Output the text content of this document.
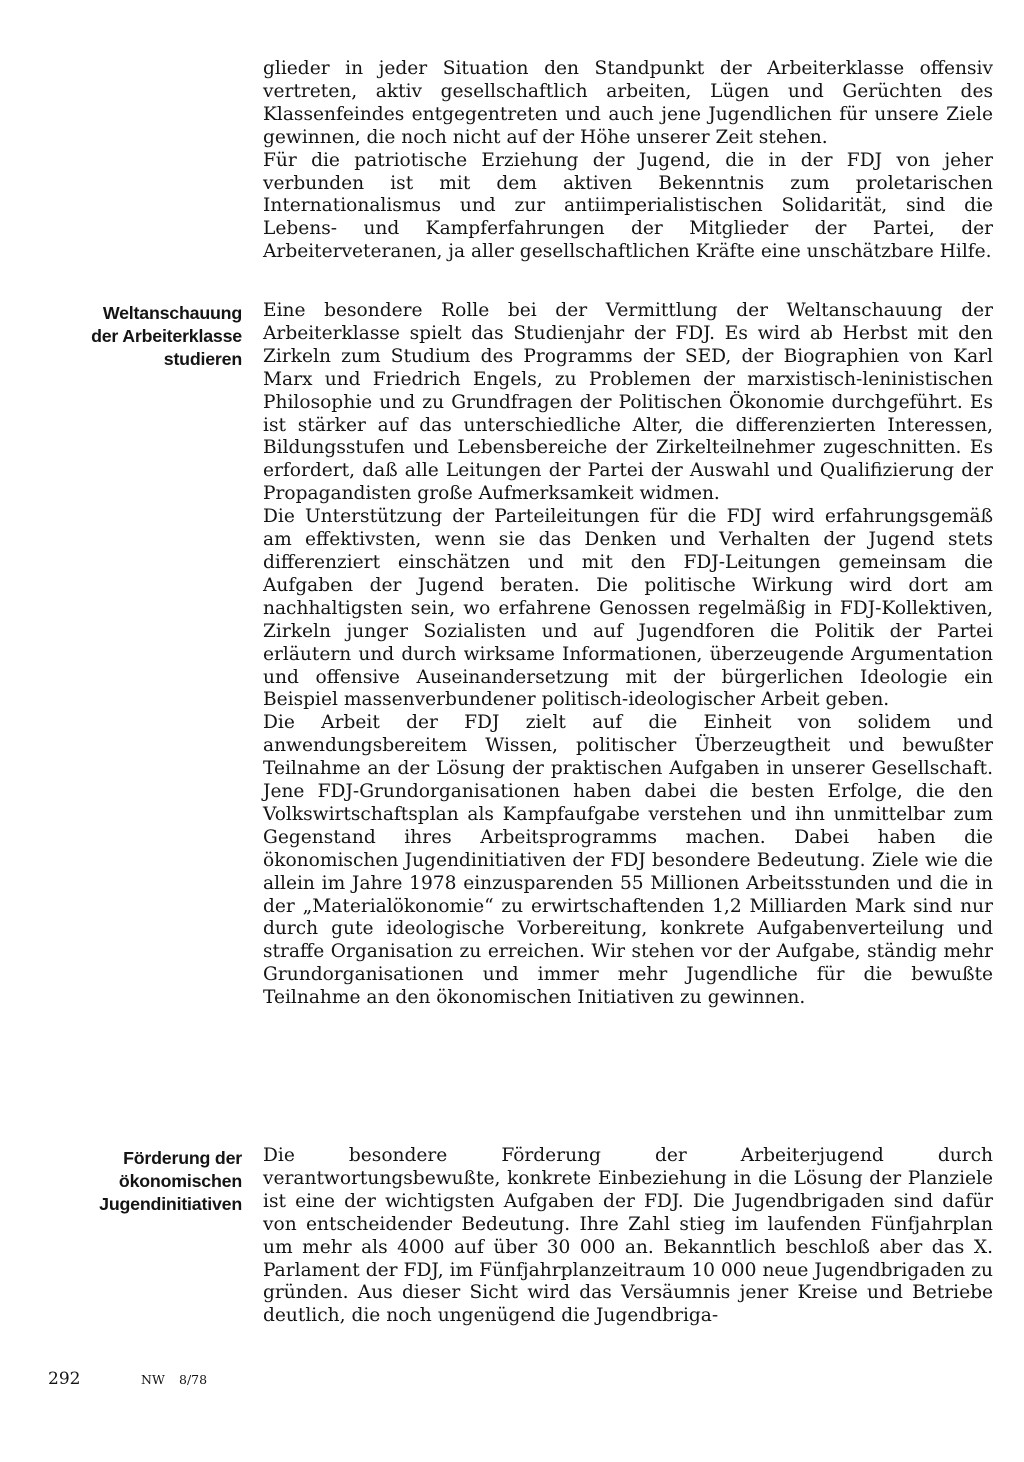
glieder in jeder Situation den Standpunkt der Arbeiterklasse offensiv vertreten, aktiv gesellschaftlich arbeiten, Lügen und Gerüchten des Klassenfeindes entgegentreten und auch jene Jugendlichen für unsere Ziele gewinnen, die noch nicht auf der Höhe unserer Zeit stehen.

Für die patriotische Erziehung der Jugend, die in der FDJ von jeher verbunden ist mit dem aktiven Bekenntnis zum proletarischen Internationalismus und zur antiimperialistischen Solidarität, sind die Lebens- und Kampferfahrungen der Mitglieder der Partei, der Arbeiterveteranen, ja aller gesellschaftlichen Kräfte eine unschätzbare Hilfe.

Weltanschauung
der Arbeiterklasse
studieren

Eine besondere Rolle bei der Vermittlung der Weltanschauung der Arbeiterklasse spielt das Studienjahr der FDJ. Es wird ab Herbst mit den Zirkeln zum Studium des Programms der SED, der Biographien von Karl Marx und Friedrich Engels, zu Problemen der marxistisch-leninistischen Philosophie und zu Grundfragen der Politischen Ökonomie durchgeführt. Es ist stärker auf das unterschiedliche Alter, die differenzierten Interessen, Bildungsstufen und Lebensbereiche der Zirkelteilnehmer zugeschnitten. Es erfordert, daß alle Leitungen der Partei der Auswahl und Qualifizierung der Propagandisten große Aufmerksamkeit widmen.

Die Unterstützung der Parteileitungen für die FDJ wird erfahrungsgemäß am effektivsten, wenn sie das Denken und Verhalten der Jugend stets differenziert einschätzen und mit den FDJ-Leitungen gemeinsam die Aufgaben der Jugend beraten. Die politische Wirkung wird dort am nachhaltigsten sein, wo erfahrene Genossen regelmäßig in FDJ-Kollektiven, Zirkeln junger Sozialisten und auf Jugendforen die Politik der Partei erläutern und durch wirksame Informationen, überzeugende Argumentation und offensive Auseinandersetzung mit der bürgerlichen Ideologie ein Beispiel massenverbundener politisch-ideologischer Arbeit geben.

Die Arbeit der FDJ zielt auf die Einheit von solidem und anwendungsbereitem Wissen, politischer Überzeugtheit und bewußter Teilnahme an der Lösung der praktischen Aufgaben in unserer Gesellschaft. Jene FDJ-Grundorganisationen haben dabei die besten Erfolge, die den Volkswirtschaftsplan als Kampfaufgabe verstehen und ihn unmittelbar zum Gegenstand ihres Arbeitsprogramms machen. Dabei haben die ökonomischen Jugendinitiativen der FDJ besondere Bedeutung. Ziele wie die allein im Jahre 1978 einzusparenden 55 Millionen Arbeitsstunden und die in der „Materialökonomie“ zu erwirtschaftenden 1,2 Milliarden Mark sind nur durch gute ideologische Vorbereitung, konkrete Aufgabenverteilung und straffe Organisation zu erreichen. Wir stehen vor der Aufgabe, ständig mehr Grundorganisationen und immer mehr Jugendliche für die bewußte Teilnahme an den ökonomischen Initiativen zu gewinnen.

Förderung der
ökonomischen
Jugendinitiativen

Die besondere Förderung der Arbeiterjugend durch verantwortungsbewußte, konkrete Einbeziehung in die Lösung der Planziele ist eine der wichtigsten Aufgaben der FDJ. Die Jugendbrigaden sind dafür von entscheidender Bedeutung. Ihre Zahl stieg im laufenden Fünfjahrplan um mehr als 4000 auf über 30 000 an. Bekanntlich beschloß aber das X. Parlament der FDJ, im Fünfjahrplanzeitraum 10 000 neue Jugendbrigaden zu gründen. Aus dieser Sicht wird das Versäumnis jener Kreise und Betriebe deutlich, die noch ungenügend die Jugendbriga-

292	NW 8/78
